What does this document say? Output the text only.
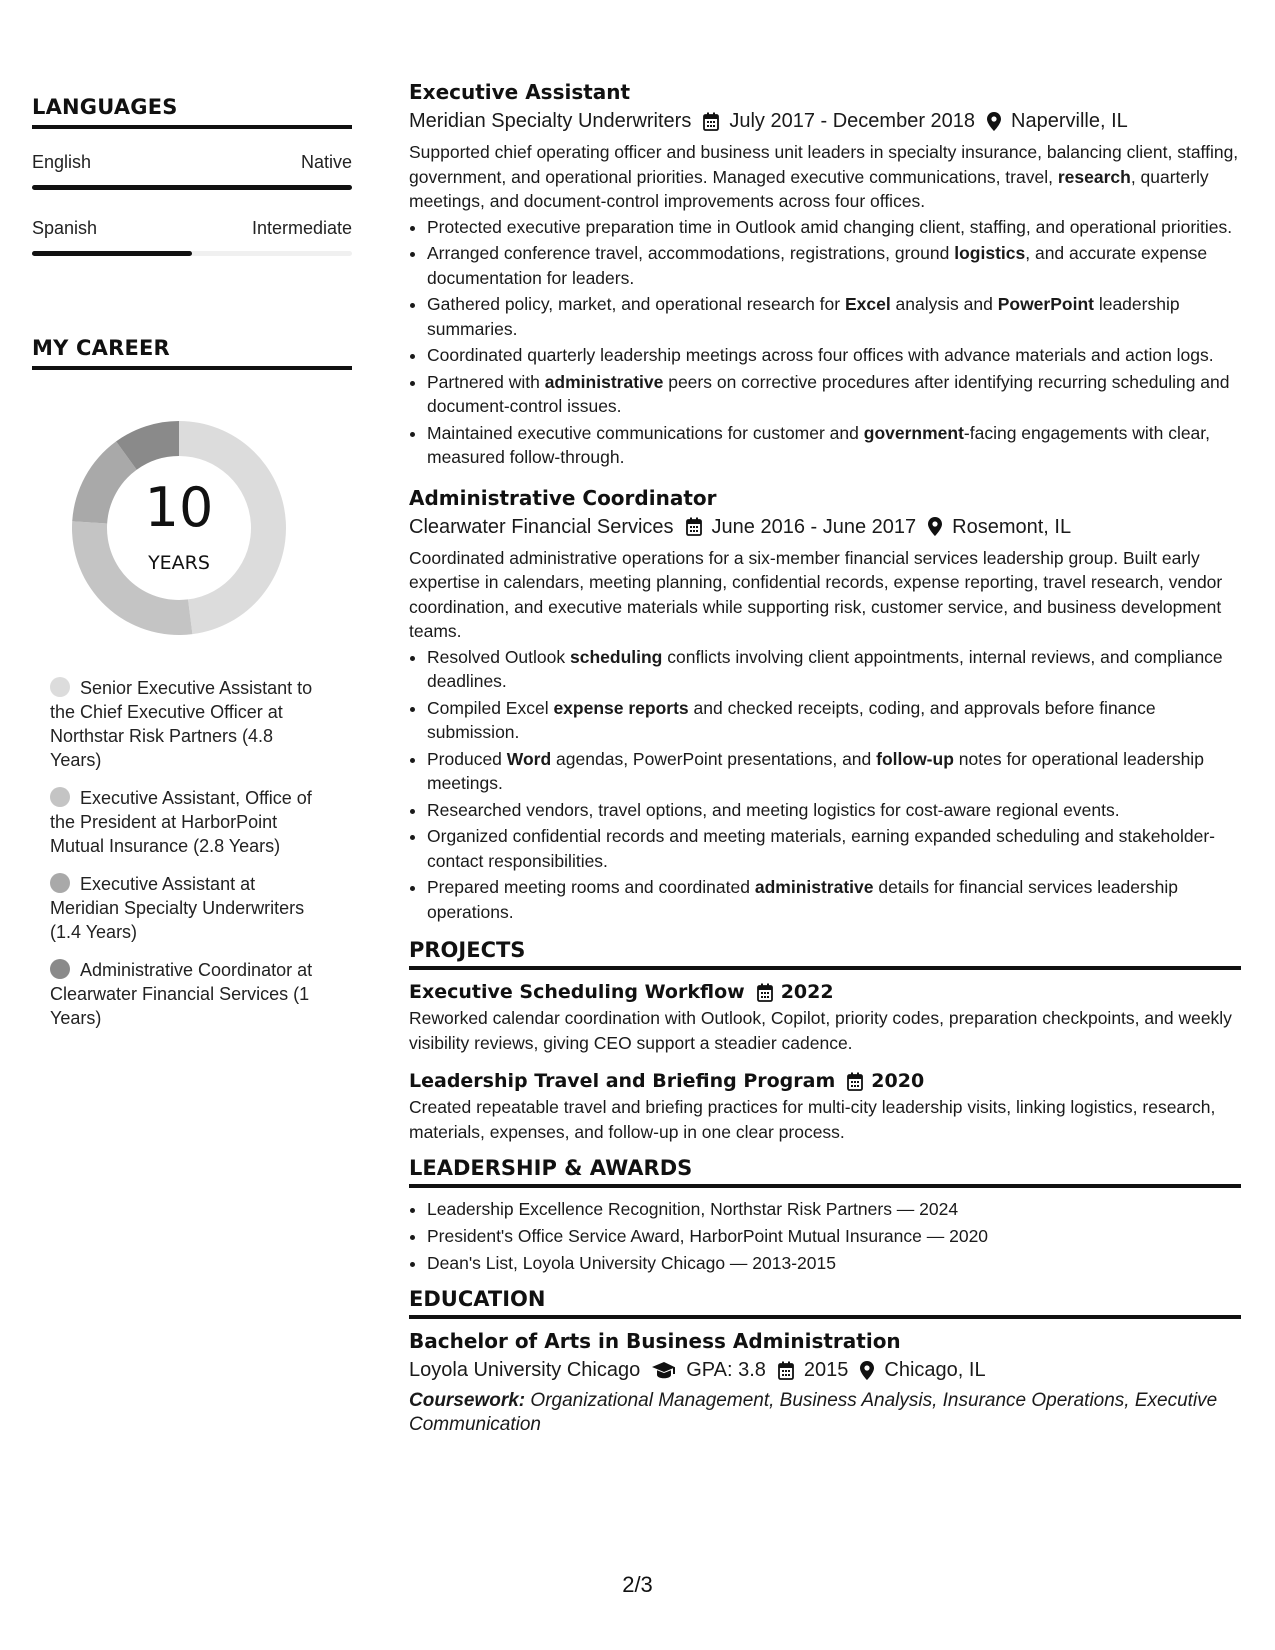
LANGUAGES
English	Native
Spanish	Intermediate
MY CAREER
10
YEARS
Senior Executive Assistant to the Chief Executive Officer at Northstar Risk Partners (4.8 Years)
Executive Assistant, Office of the President at HarborPoint Mutual Insurance (2.8 Years)
Executive Assistant at Meridian Specialty Underwriters (1.4 Years)
Administrative Coordinator at Clearwater Financial Services (1 Years)
Executive Assistant
Meridian Specialty Underwriters July 2017 - December 2018 Naperville, IL
Supported chief operating officer and business unit leaders in specialty insurance, balancing client, staffing, government, and operational priorities. Managed executive communications, travel, research, quarterly meetings, and document-control improvements across four offices.
• Protected executive preparation time in Outlook amid changing client, staffing, and operational priorities.
• Arranged conference travel, accommodations, registrations, ground logistics, and accurate expense documentation for leaders.
• Gathered policy, market, and operational research for Excel analysis and PowerPoint leadership summaries.
• Coordinated quarterly leadership meetings across four offices with advance materials and action logs.
• Partnered with administrative peers on corrective procedures after identifying recurring scheduling and document-control issues.
• Maintained executive communications for customer and government-facing engagements with clear, measured follow-through.
Administrative Coordinator
Clearwater Financial Services June 2016 - June 2017 Rosemont, IL
Coordinated administrative operations for a six-member financial services leadership group. Built early expertise in calendars, meeting planning, confidential records, expense reporting, travel research, vendor coordination, and executive materials while supporting risk, customer service, and business development teams.
• Resolved Outlook scheduling conflicts involving client appointments, internal reviews, and compliance deadlines.
• Compiled Excel expense reports and checked receipts, coding, and approvals before finance submission.
• Produced Word agendas, PowerPoint presentations, and follow-up notes for operational leadership meetings.
• Researched vendors, travel options, and meeting logistics for cost-aware regional events.
• Organized confidential records and meeting materials, earning expanded scheduling and stakeholder-contact responsibilities.
• Prepared meeting rooms and coordinated administrative details for financial services leadership operations.
PROJECTS
Executive Scheduling Workflow 2022
Reworked calendar coordination with Outlook, Copilot, priority codes, preparation checkpoints, and weekly visibility reviews, giving CEO support a steadier cadence.
Leadership Travel and Briefing Program 2020
Created repeatable travel and briefing practices for multi-city leadership visits, linking logistics, research, materials, expenses, and follow-up in one clear process.
LEADERSHIP & AWARDS
• Leadership Excellence Recognition, Northstar Risk Partners — 2024
• President's Office Service Award, HarborPoint Mutual Insurance — 2020
• Dean's List, Loyola University Chicago — 2013-2015
EDUCATION
Bachelor of Arts in Business Administration
Loyola University Chicago GPA: 3.8 2015 Chicago, IL
Coursework: Organizational Management, Business Analysis, Insurance Operations, Executive Communication
2/3
